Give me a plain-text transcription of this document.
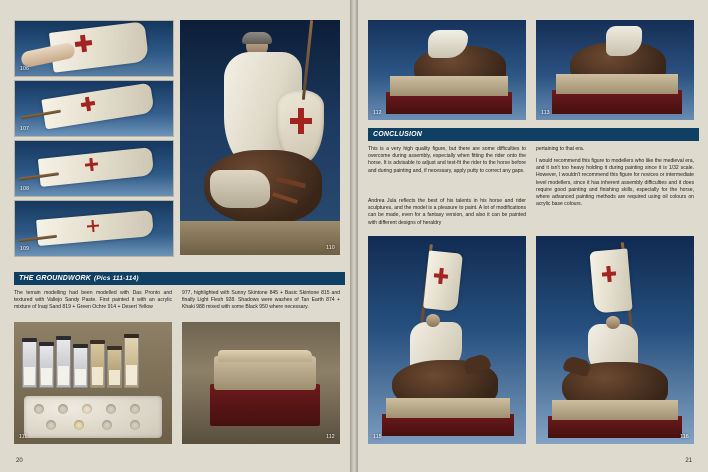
106
107
108
109	110
THE GROUNDWORK (Pics 111-114)
The terrain modelling had been modelled with Das Pronto and textured with Vallejo Sandy Paste. First painted it with an acrylic mixture of Iraqi Sand 819 + Green Ochre 914 + Desert Yellow
977, highlighted with Sunny Skintone 845 + Basic Skintone 815 and finally Light Flesh 928. Shadows were washes of Tan Earth 874 + Khaki 988 mixed with some Black 950 where necessary.
111	112
20
112	113
CONCLUSION
This is a very high quality figure, but there are some difficulties to overcome during assembly, especially when fitting the rider onto the horse. It is advisable to adjust and test-fit the rider to the horse before and during painting and, if necessary, apply putty to correct any gaps.
Andrea Jula reflects the best of his talents in his horse and rider sculptures, and the model is a pleasure to paint. A lot of modifications can be made, even for a fantasy version, and also it can be painted with different designs of heraldry
pertaining to that era.
I would recommend this figure to modellers who like the medieval era, and it isn't too heavy holding it during painting since it is 1/32 scale. However, I wouldn't recommend this figure for novices or intermediate level modellers, since it has inherent assembly difficulties and it does require good painting and finishing skills, especially for the horse, where advanced painting methods are required using oil colours on acrylic base colours.
115	116
21
